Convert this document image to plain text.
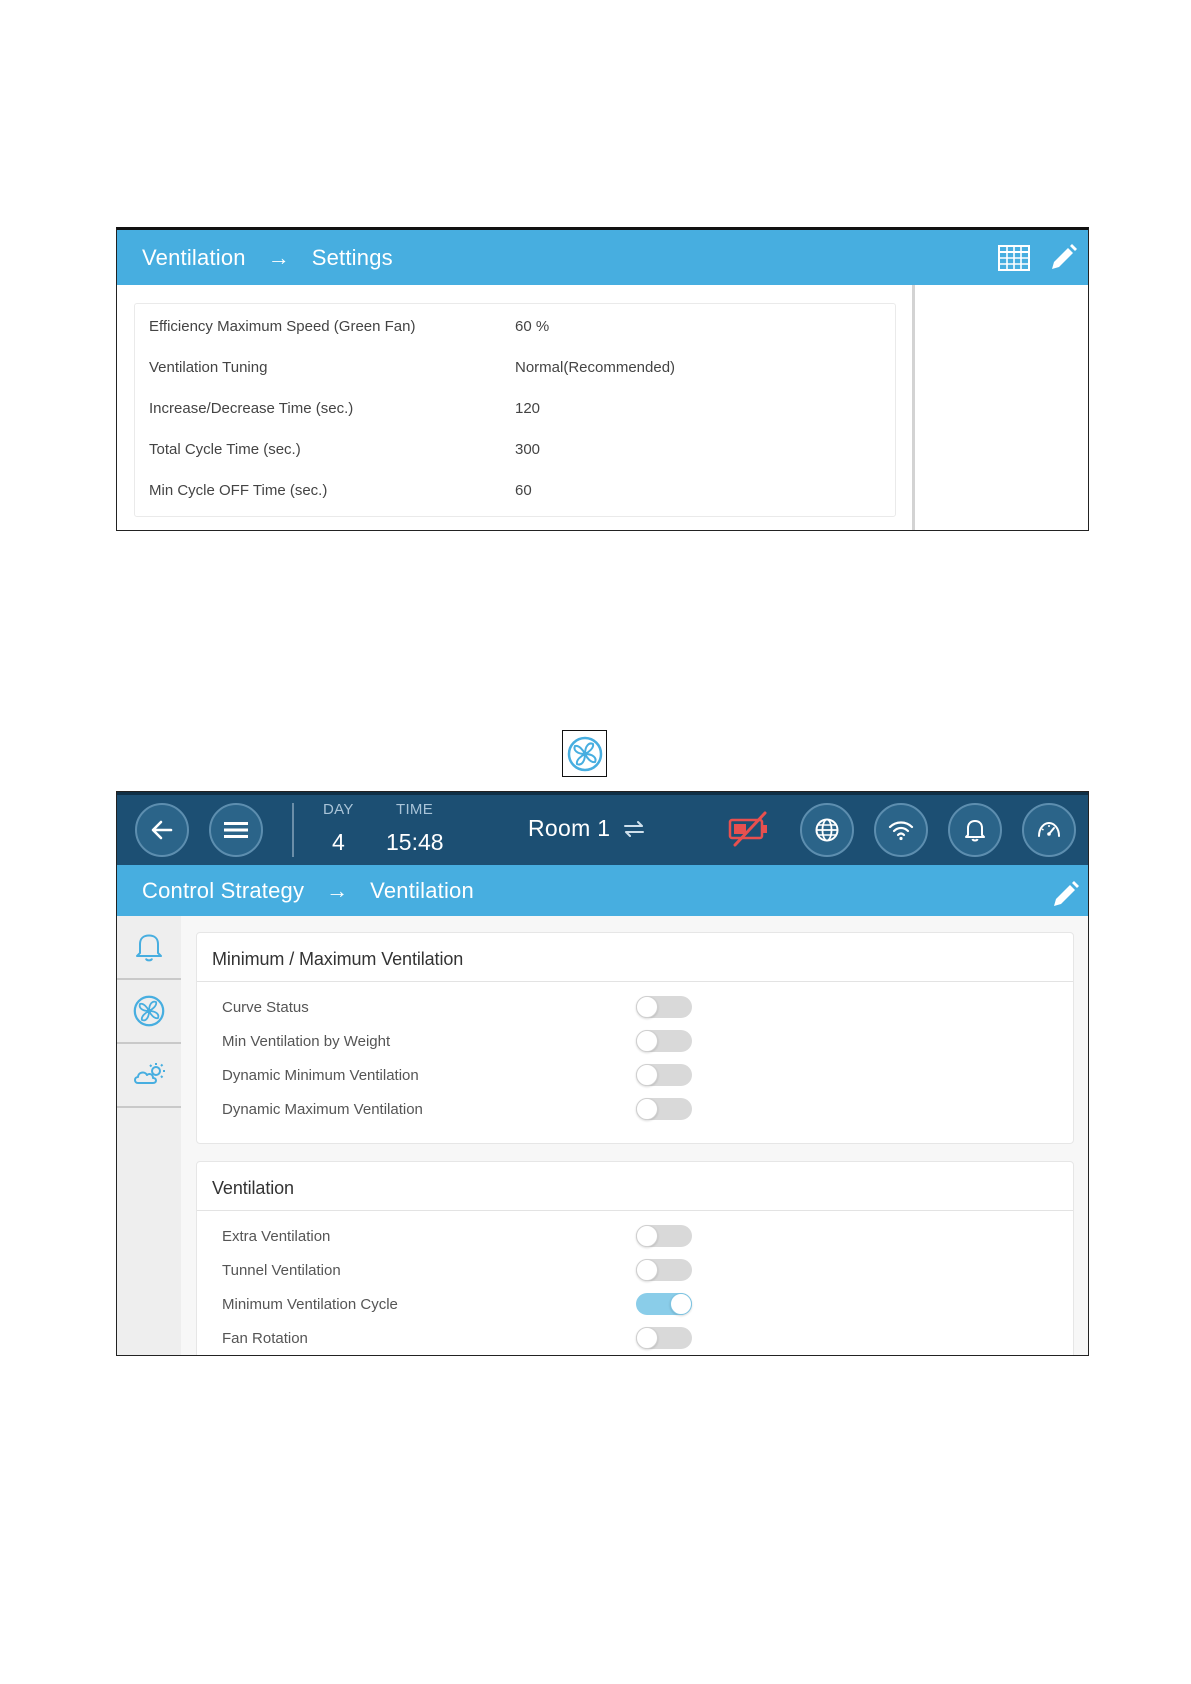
Ventilation → Settings
Efficiency Maximum Speed (Green Fan)	60 %
Ventilation Tuning	Normal(Recommended)
Increase/Decrease Time (sec.)	120
Total Cycle Time (sec.)	300
Min Cycle OFF Time (sec.)	60
DAY
4
TIME
15:48
Room 1
Control Strategy → Ventilation
Minimum / Maximum Ventilation
Curve Status
Min Ventilation by Weight
Dynamic Minimum Ventilation
Dynamic Maximum Ventilation
Ventilation
Extra Ventilation
Tunnel Ventilation
Minimum Ventilation Cycle
Fan Rotation
